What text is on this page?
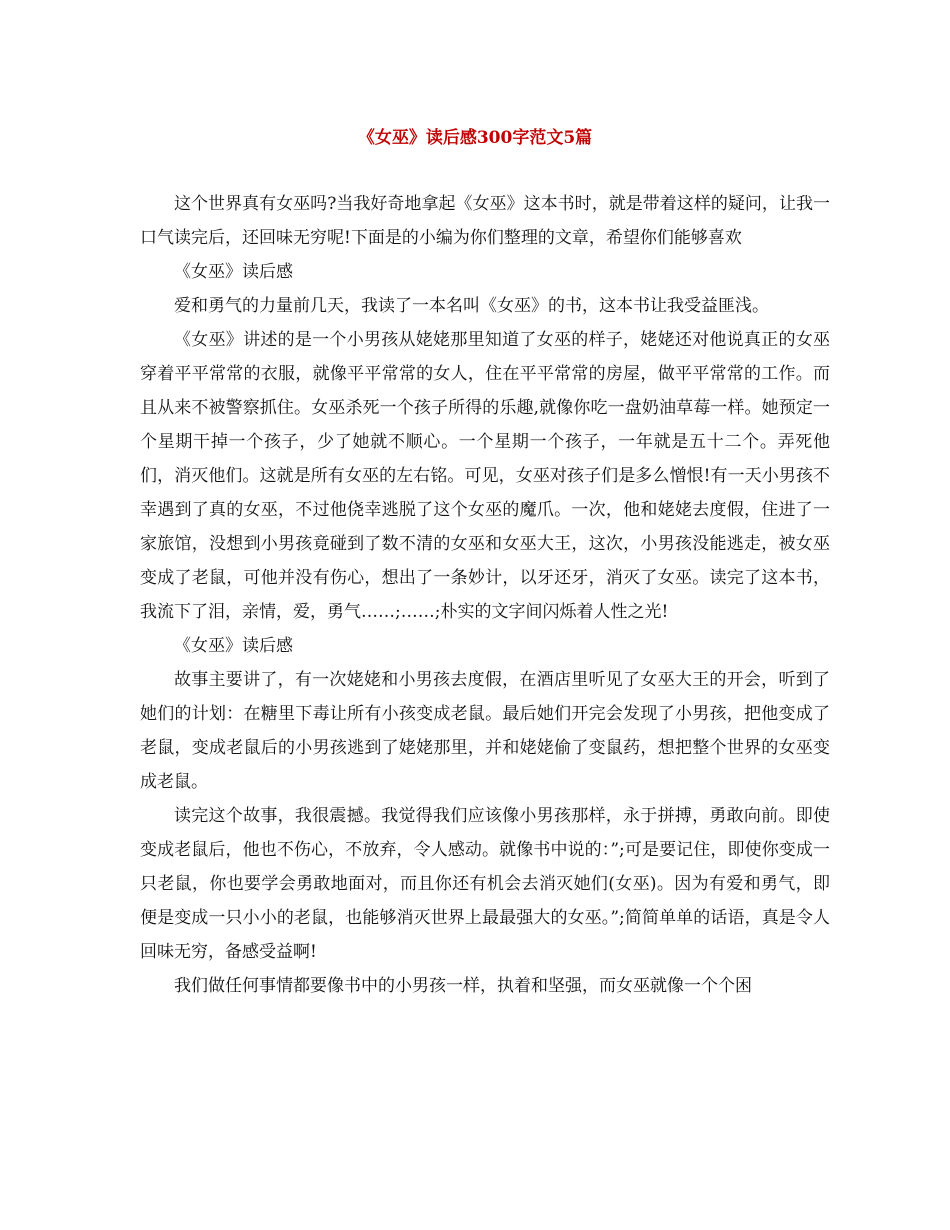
《女巫》读后感300字范文5篇

这个世界真有女巫吗?当我好奇地拿起《女巫》这本书时，就是带着这样的疑问，让我一口气读完后，还回味无穷呢!下面是的小编为你们整理的文章，希望你们能够喜欢

《女巫》读后感

爱和勇气的力量前几天，我读了一本名叫《女巫》的书，这本书让我受益匪浅。

《女巫》讲述的是一个小男孩从姥姥那里知道了女巫的样子，姥姥还对他说真正的女巫穿着平平常常的衣服，就像平平常常的女人，住在平平常常的房屋，做平平常常的工作。而且从来不被警察抓住。女巫杀死一个孩子所得的乐趣,就像你吃一盘奶油草莓一样。她预定一个星期干掉一个孩子，少了她就不顺心。一个星期一个孩子，一年就是五十二个。弄死他们，消灭他们。这就是所有女巫的左右铭。可见，女巫对孩子们是多么憎恨!有一天小男孩不幸遇到了真的女巫，不过他侥幸逃脱了这个女巫的魔爪。一次，他和姥姥去度假，住进了一家旅馆，没想到小男孩竟碰到了数不清的女巫和女巫大王，这次，小男孩没能逃走，被女巫变成了老鼠，可他并没有伤心，想出了一条妙计，以牙还牙，消灭了女巫。读完了这本书，我流下了泪，亲情，爱，勇气……;……;朴实的文字间闪烁着人性之光!

《女巫》读后感

故事主要讲了，有一次姥姥和小男孩去度假，在酒店里听见了女巫大王的开会，听到了她们的计划：在糖里下毒让所有小孩变成老鼠。最后她们开完会发现了小男孩，把他变成了老鼠，变成老鼠后的小男孩逃到了姥姥那里，并和姥姥偷了变鼠药，想把整个世界的女巫变成老鼠。

读完这个故事，我很震撼。我觉得我们应该像小男孩那样，永于拼搏，勇敢向前。即使变成老鼠后，他也不伤心，不放弃，令人感动。就像书中说的：”;可是要记住，即使你变成一只老鼠，你也要学会勇敢地面对，而且你还有机会去消灭她们(女巫)。因为有爱和勇气，即便是变成一只小小的老鼠，也能够消灭世界上最最强大的女巫。”;简简单单的话语，真是令人回味无穷，备感受益啊!

我们做任何事情都要像书中的小男孩一样，执着和坚强，而女巫就像一个个困
